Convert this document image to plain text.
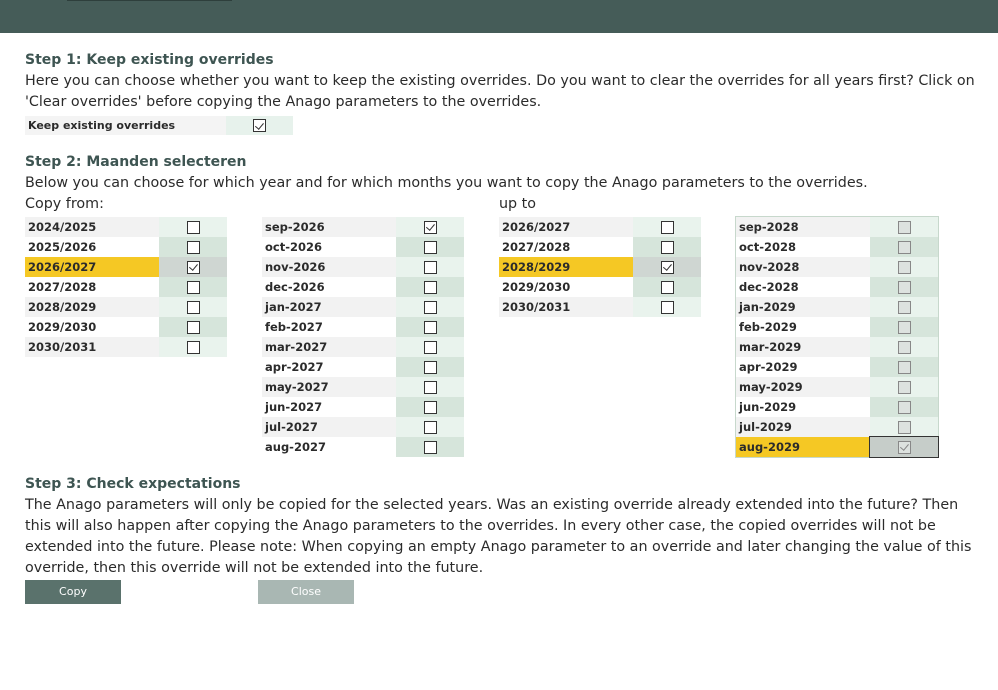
Step 1: Keep existing overrides
Here you can choose whether you want to keep the existing overrides. Do you want to clear the overrides for all years first? Click on 'Clear overrides' before copying the Anago parameters to the overrides.
Keep existing overrides
Step 2: Maanden selecteren
Below you can choose for which year and for which months you want to copy the Anago parameters to the overrides.
Copy from:	up to
2024/2025
2025/2026
2026/2027
2027/2028
2028/2029
2029/2030
2030/2031
sep-2026
oct-2026
nov-2026
dec-2026
jan-2027
feb-2027
mar-2027
apr-2027
may-2027
jun-2027
jul-2027
aug-2027
2026/2027
2027/2028
2028/2029
2029/2030
2030/2031
sep-2028
oct-2028
nov-2028
dec-2028
jan-2029
feb-2029
mar-2029
apr-2029
may-2029
jun-2029
jul-2029
aug-2029
Step 3: Check expectations
The Anago parameters will only be copied for the selected years. Was an existing override already extended into the future? Then this will also happen after copying the Anago parameters to the overrides. In every other case, the copied overrides will not be extended into the future. Please note: When copying an empty Anago parameter to an override and later changing the value of this override, then this override will not be extended into the future.
Copy	Close
